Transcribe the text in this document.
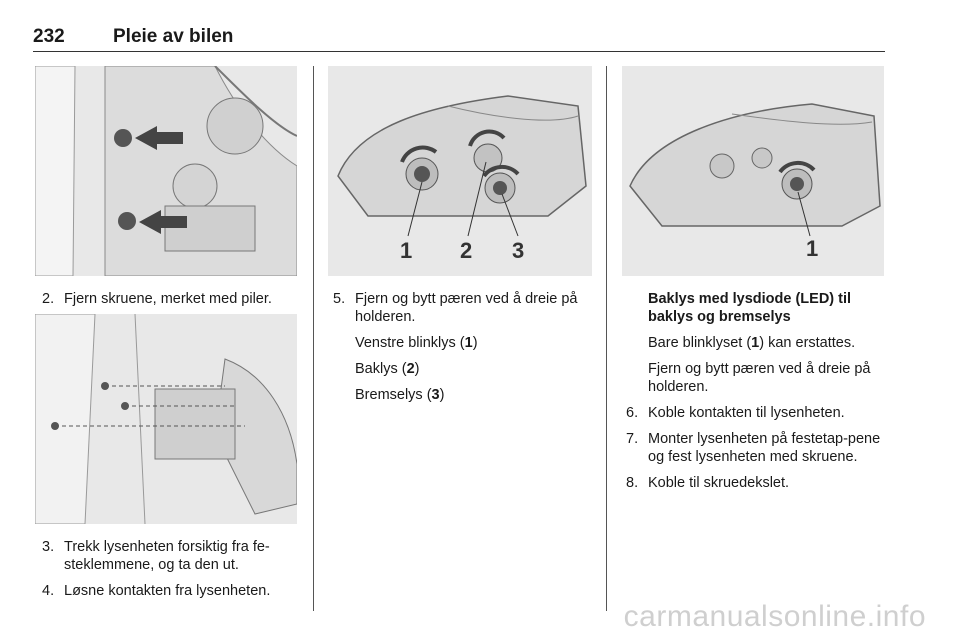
232	Pleie av bilen
2. Fjern skruene, merket med piler.
3. Trekk lysenheten forsiktig fra fe-steklemmene, og ta den ut.
4. Løsne kontakten fra lysenheten.
1 2 3
5. Fjern og bytt pæren ved å dreie på holderen.
Venstre blinklys (1)
Baklys (2)
Bremselys (3)
1
Baklys med lysdiode (LED) til baklys og bremselys
Bare blinklyset (1) kan erstattes.
Fjern og bytt pæren ved å dreie på holderen.
6. Koble kontakten til lysenheten.
7. Monter lysenheten på festetap-pene og fest lysenheten med skruene.
8. Koble til skruedekslet.
carmanualsonline.info
